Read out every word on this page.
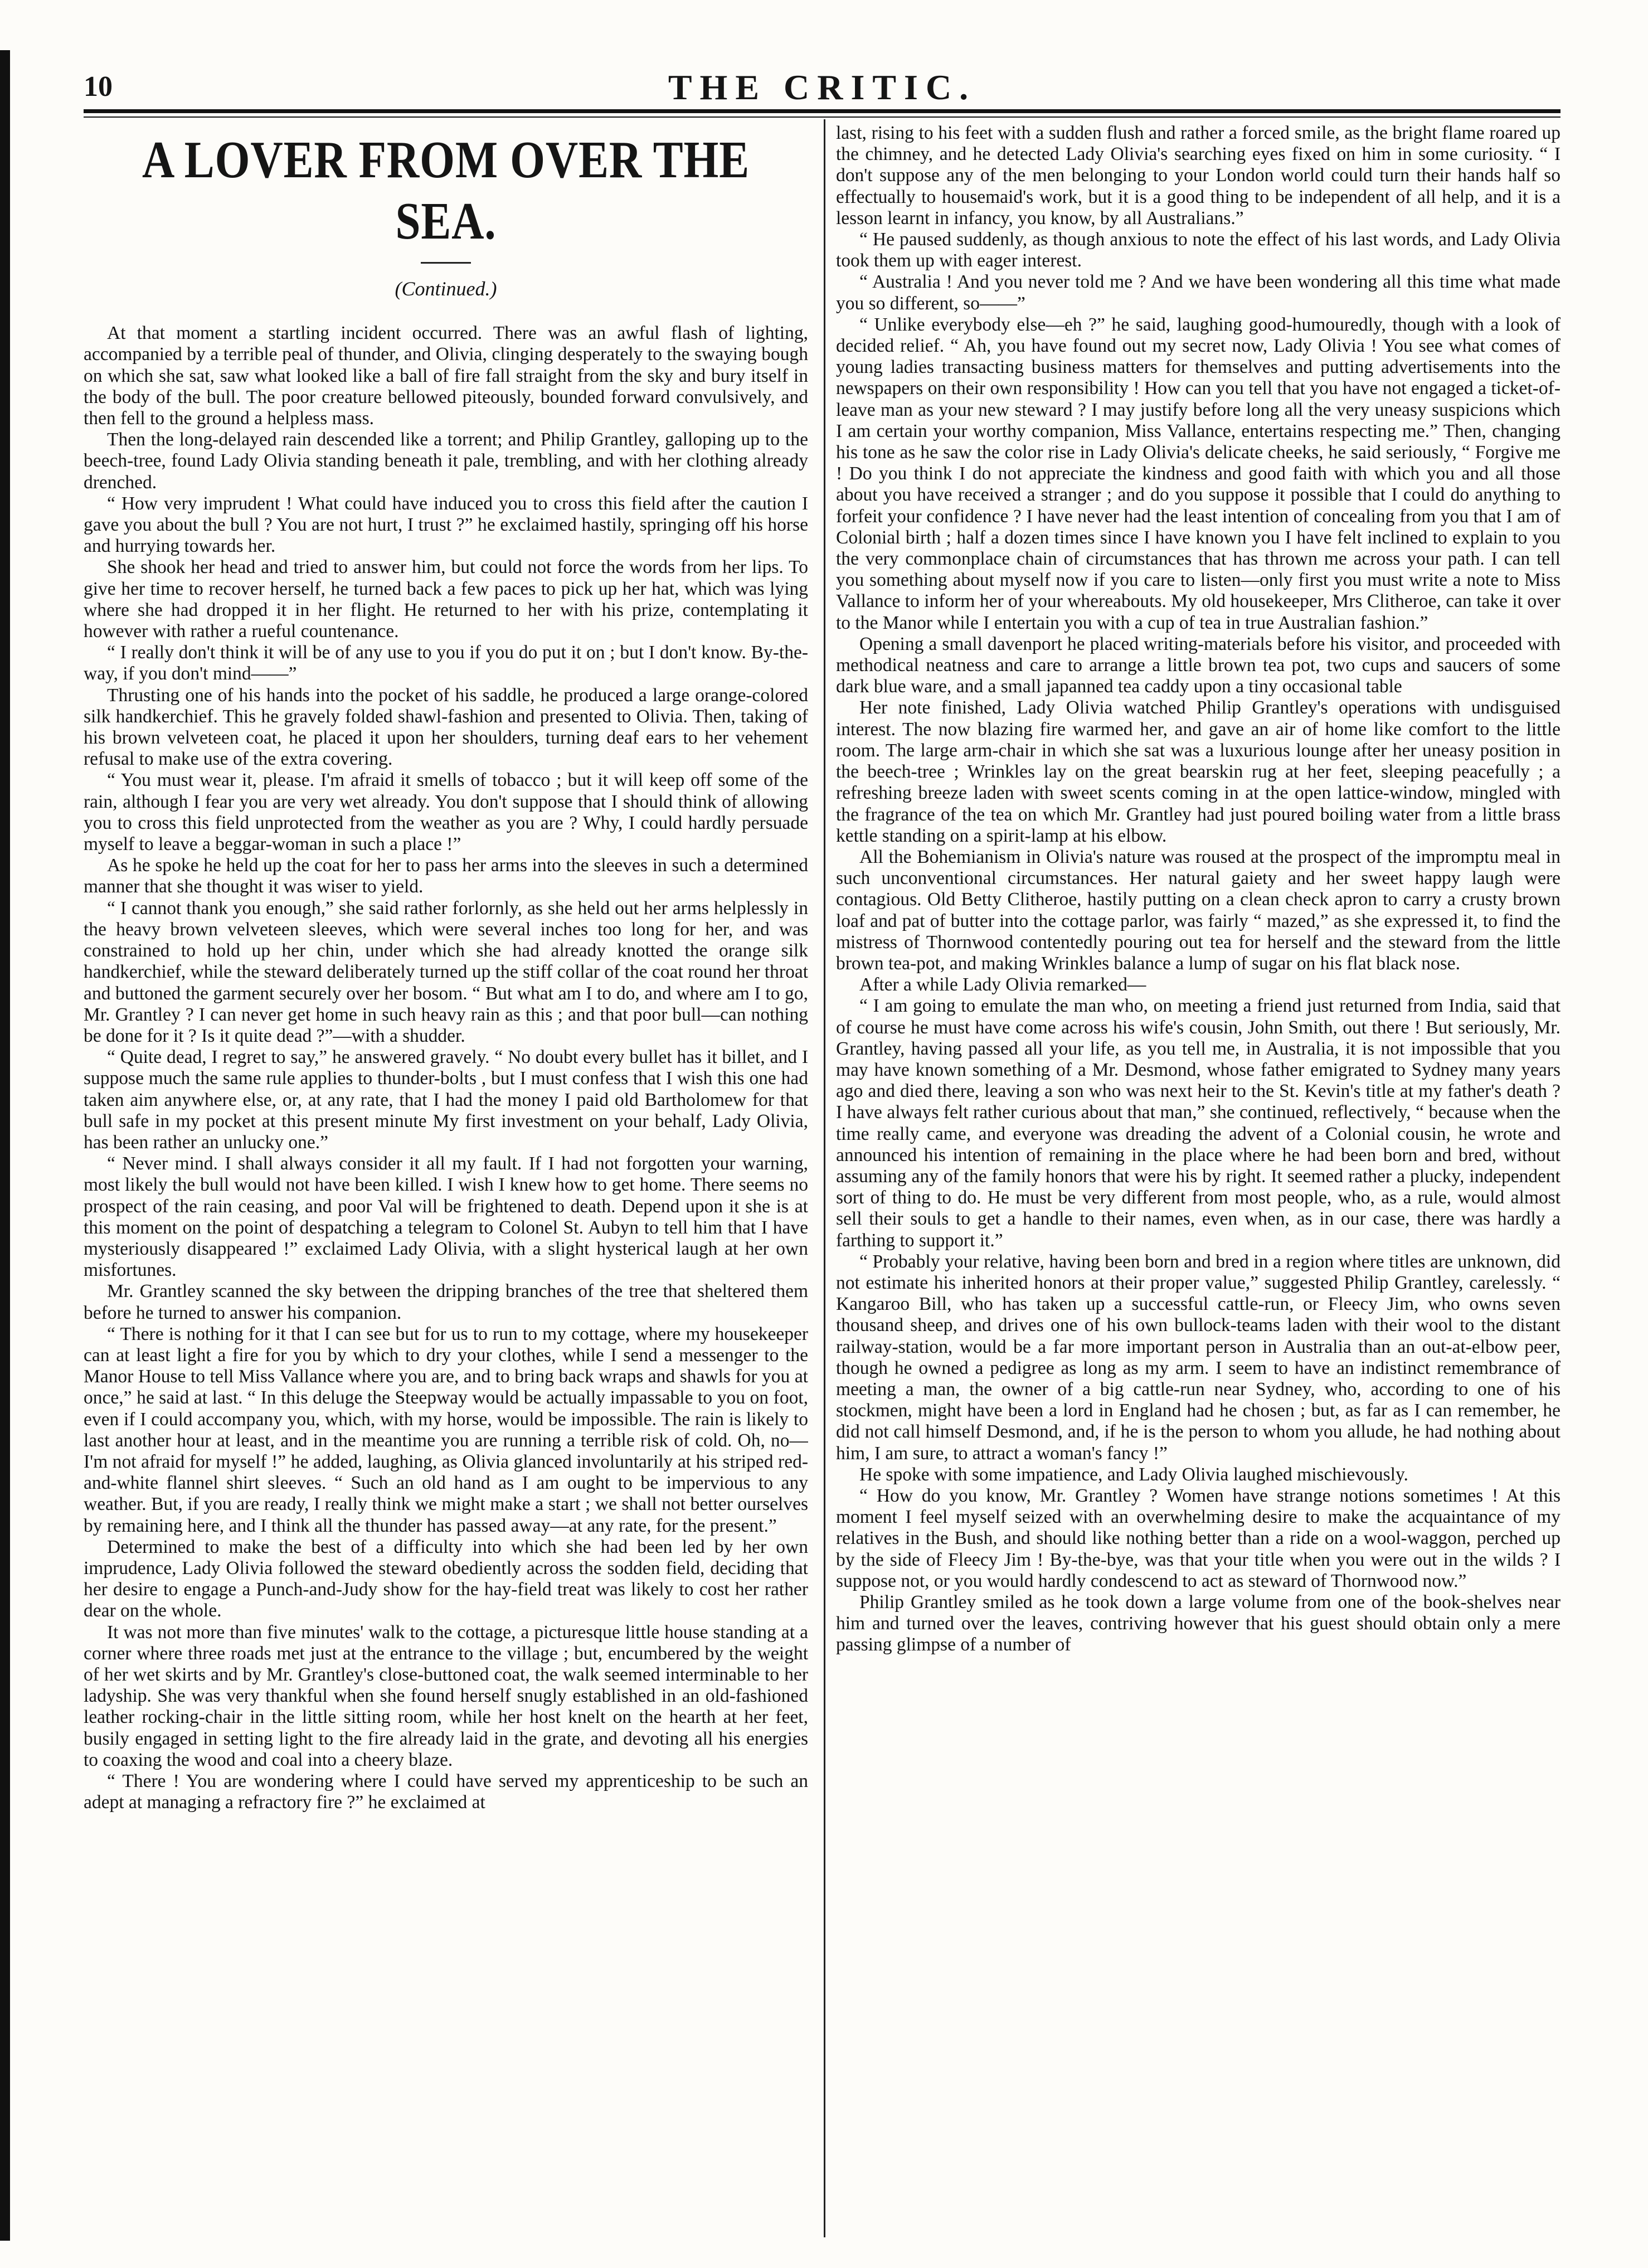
10	THE CRITIC.
A LOVER FROM OVER THE SEA.
(Continued.)

At that moment a startling incident occurred. There was an awful flash of lighting, accompanied by a terrible peal of thunder, and Olivia, clinging desperately to the swaying bough on which she sat, saw what looked like a ball of fire fall straight from the sky and bury itself in the body of the bull. The poor creature bellowed piteously, bounded forward convulsively, and then fell to the ground a helpless mass.

Then the long-delayed rain descended like a torrent; and Philip Grantley, galloping up to the beech-tree, found Lady Olivia standing beneath it pale, trembling, and with her clothing already drenched.

“ How very imprudent ! What could have induced you to cross this field after the caution I gave you about the bull ? You are not hurt, I trust ?” he exclaimed hastily, springing off his horse and hurrying towards her.

She shook her head and tried to answer him, but could not force the words from her lips. To give her time to recover herself, he turned back a few paces to pick up her hat, which was lying where she had dropped it in her flight. He returned to her with his prize, contemplating it however with rather a rueful countenance.

“ I really don't think it will be of any use to you if you do put it on ; but I don't know. By-the-way, if you don't mind——”

Thrusting one of his hands into the pocket of his saddle, he produced a large orange-colored silk handkerchief. This he gravely folded shawl-fashion and presented to Olivia. Then, taking of his brown velveteen coat, he placed it upon her shoulders, turning deaf ears to her vehement refusal to make use of the extra covering.

“ You must wear it, please. I'm afraid it smells of tobacco ; but it will keep off some of the rain, although I fear you are very wet already. You don't suppose that I should think of allowing you to cross this field unprotected from the weather as you are ? Why, I could hardly persuade myself to leave a beggar-woman in such a place !”

As he spoke he held up the coat for her to pass her arms into the sleeves in such a determined manner that she thought it was wiser to yield.

“ I cannot thank you enough,” she said rather forlornly, as she held out her arms helplessly in the heavy brown velveteen sleeves, which were several inches too long for her, and was constrained to hold up her chin, under which she had already knotted the orange silk handkerchief, while the steward deliberately turned up the stiff collar of the coat round her throat and buttoned the garment securely over her bosom. “ But what am I to do, and where am I to go, Mr. Grantley ? I can never get home in such heavy rain as this ; and that poor bull—can nothing be done for it ? Is it quite dead ?”—with a shudder.

“ Quite dead, I regret to say,” he answered gravely. “ No doubt every bullet has it billet, and I suppose much the same rule applies to thunder-bolts , but I must confess that I wish this one had taken aim anywhere else, or, at any rate, that I had the money I paid old Bartholomew for that bull safe in my pocket at this present minute My first investment on your behalf, Lady Olivia, has been rather an unlucky one.”

“ Never mind. I shall always consider it all my fault. If I had not forgotten your warning, most likely the bull would not have been killed. I wish I knew how to get home. There seems no prospect of the rain ceasing, and poor Val will be frightened to death. Depend upon it she is at this moment on the point of despatching a telegram to Colonel St. Aubyn to tell him that I have mysteriously disappeared !” exclaimed Lady Olivia, with a slight hysterical laugh at her own misfortunes.

Mr. Grantley scanned the sky between the dripping branches of the tree that sheltered them before he turned to answer his companion.

“ There is nothing for it that I can see but for us to run to my cottage, where my housekeeper can at least light a fire for you by which to dry your clothes, while I send a messenger to the Manor House to tell Miss Vallance where you are, and to bring back wraps and shawls for you at once,” he said at last. “ In this deluge the Steepway would be actually impassable to you on foot, even if I could accompany you, which, with my horse, would be impossible. The rain is likely to last another hour at least, and in the meantime you are running a terrible risk of cold. Oh, no—I'm not afraid for myself !” he added, laughing, as Olivia glanced involuntarily at his striped red-and-white flannel shirt sleeves. “ Such an old hand as I am ought to be impervious to any weather. But, if you are ready, I really think we might make a start ; we shall not better ourselves by remaining here, and I think all the thunder has passed away—at any rate, for the present.”

Determined to make the best of a difficulty into which she had been led by her own imprudence, Lady Olivia followed the steward obediently across the sodden field, deciding that her desire to engage a Punch-and-Judy show for the hay-field treat was likely to cost her rather dear on the whole.

It was not more than five minutes' walk to the cottage, a picturesque little house standing at a corner where three roads met just at the entrance to the village ; but, encumbered by the weight of her wet skirts and by Mr. Grantley's close-buttoned coat, the walk seemed interminable to her ladyship. She was very thankful when she found herself snugly established in an old-fashioned leather rocking-chair in the little sitting room, while her host knelt on the hearth at her feet, busily engaged in setting light to the fire already laid in the grate, and devoting all his energies to coaxing the wood and coal into a cheery blaze.

“ There ! You are wondering where I could have served my apprenticeship to be such an adept at managing a refractory fire ?” he exclaimed at

last, rising to his feet with a sudden flush and rather a forced smile, as the bright flame roared up the chimney, and he detected Lady Olivia's searching eyes fixed on him in some curiosity. “ I don't suppose any of the men belonging to your London world could turn their hands half so effectually to housemaid's work, but it is a good thing to be independent of all help, and it is a lesson learnt in infancy, you know, by all Australians.”

“ He paused suddenly, as though anxious to note the effect of his last words, and Lady Olivia took them up with eager interest.

“ Australia ! And you never told me ? And we have been wondering all this time what made you so different, so——”

“ Unlike everybody else—eh ?” he said, laughing good-humouredly, though with a look of decided relief. “ Ah, you have found out my secret now, Lady Olivia ! You see what comes of young ladies transacting business matters for themselves and putting advertisements into the newspapers on their own responsibility ! How can you tell that you have not engaged a ticket-of-leave man as your new steward ? I may justify before long all the very uneasy suspicions which I am certain your worthy companion, Miss Vallance, entertains respecting me.” Then, changing his tone as he saw the color rise in Lady Olivia's delicate cheeks, he said seriously, “ Forgive me ! Do you think I do not appreciate the kindness and good faith with which you and all those about you have received a stranger ; and do you suppose it possible that I could do anything to forfeit your confidence ? I have never had the least intention of concealing from you that I am of Colonial birth ; half a dozen times since I have known you I have felt inclined to explain to you the very commonplace chain of circumstances that has thrown me across your path. I can tell you something about myself now if you care to listen—only first you must write a note to Miss Vallance to inform her of your whereabouts. My old housekeeper, Mrs Clitheroe, can take it over to the Manor while I entertain you with a cup of tea in true Australian fashion.”

Opening a small davenport he placed writing-materials before his visitor, and proceeded with methodical neatness and care to arrange a little brown tea pot, two cups and saucers of some dark blue ware, and a small japanned tea caddy upon a tiny occasional table

Her note finished, Lady Olivia watched Philip Grantley's operations with undisguised interest. The now blazing fire warmed her, and gave an air of home like comfort to the little room. The large arm-chair in which she sat was a luxurious lounge after her uneasy position in the beech-tree ; Wrinkles lay on the great bearskin rug at her feet, sleeping peacefully ; a refreshing breeze laden with sweet scents coming in at the open lattice-window, mingled with the fragrance of the tea on which Mr. Grantley had just poured boiling water from a little brass kettle standing on a spirit-lamp at his elbow.

All the Bohemianism in Olivia's nature was roused at the prospect of the impromptu meal in such unconventional circumstances. Her natural gaiety and her sweet happy laugh were contagious. Old Betty Clitheroe, hastily putting on a clean check apron to carry a crusty brown loaf and pat of butter into the cottage parlor, was fairly “ mazed,” as she expressed it, to find the mistress of Thornwood contentedly pouring out tea for herself and the steward from the little brown tea-pot, and making Wrinkles balance a lump of sugar on his flat black nose.

After a while Lady Olivia remarked—

“ I am going to emulate the man who, on meeting a friend just returned from India, said that of course he must have come across his wife's cousin, John Smith, out there ! But seriously, Mr. Grantley, having passed all your life, as you tell me, in Australia, it is not impossible that you may have known something of a Mr. Desmond, whose father emigrated to Sydney many years ago and died there, leaving a son who was next heir to the St. Kevin's title at my father's death ? I have always felt rather curious about that man,” she continued, reflectively, “ because when the time really came, and everyone was dreading the advent of a Colonial cousin, he wrote and announced his intention of remaining in the place where he had been born and bred, without assuming any of the family honors that were his by right. It seemed rather a plucky, independent sort of thing to do. He must be very different from most people, who, as a rule, would almost sell their souls to get a handle to their names, even when, as in our case, there was hardly a farthing to support it.”

“ Probably your relative, having been born and bred in a region where titles are unknown, did not estimate his inherited honors at their proper value,” suggested Philip Grantley, carelessly. “ Kangaroo Bill, who has taken up a successful cattle-run, or Fleecy Jim, who owns seven thousand sheep, and drives one of his own bullock-teams laden with their wool to the distant railway-station, would be a far more important person in Australia than an out-at-elbow peer, though he owned a pedigree as long as my arm. I seem to have an indistinct remembrance of meeting a man, the owner of a big cattle-run near Sydney, who, according to one of his stockmen, might have been a lord in England had he chosen ; but, as far as I can remember, he did not call himself Desmond, and, if he is the person to whom you allude, he had nothing about him, I am sure, to attract a woman's fancy !”

He spoke with some impatience, and Lady Olivia laughed mischievously.

“ How do you know, Mr. Grantley ? Women have strange notions sometimes ! At this moment I feel myself seized with an overwhelming desire to make the acquaintance of my relatives in the Bush, and should like nothing better than a ride on a wool-waggon, perched up by the side of Fleecy Jim ! By-the-bye, was that your title when you were out in the wilds ? I suppose not, or you would hardly condescend to act as steward of Thornwood now.”

Philip Grantley smiled as he took down a large volume from one of the book-shelves near him and turned over the leaves, contriving however that his guest should obtain only a mere passing glimpse of a number of
